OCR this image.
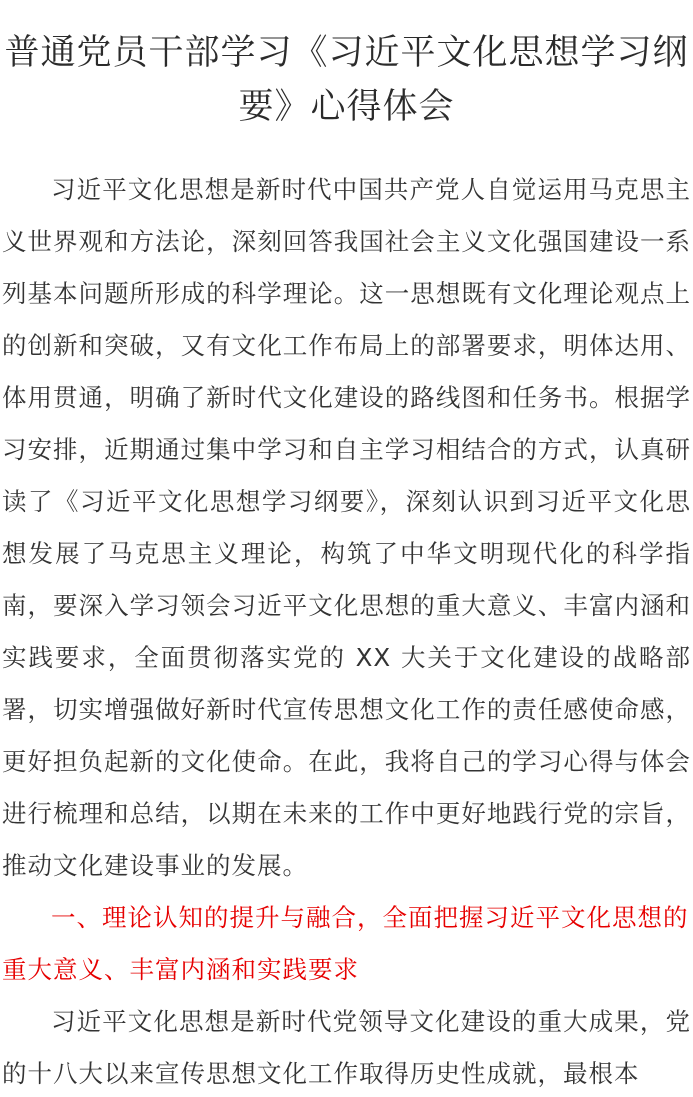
普通党员干部学习《习近平文化思想学习纲要》心得体会

习近平文化思想是新时代中国共产党人自觉运用马克思主义世界观和方法论，深刻回答我国社会主义文化强国建设一系列基本问题所形成的科学理论。这一思想既有文化理论观点上的创新和突破，又有文化工作布局上的部署要求，明体达用、体用贯通，明确了新时代文化建设的路线图和任务书。根据学习安排，近期通过集中学习和自主学习相结合的方式，认真研读了《习近平文化思想学习纲要》，深刻认识到习近平文化思想发展了马克思主义理论，构筑了中华文明现代化的科学指南，要深入学习领会习近平文化思想的重大意义、丰富内涵和实践要求，全面贯彻落实党的 XX 大关于文化建设的战略部署，切实增强做好新时代宣传思想文化工作的责任感使命感，更好担负起新的文化使命。在此，我将自己的学习心得与体会进行梳理和总结，以期在未来的工作中更好地践行党的宗旨，推动文化建设事业的发展。

一、理论认知的提升与融合，全面把握习近平文化思想的重大意义、丰富内涵和实践要求

习近平文化思想是新时代党领导文化建设的重大成果，党的十八大以来宣传思想文化工作取得历史性成就，最根本
